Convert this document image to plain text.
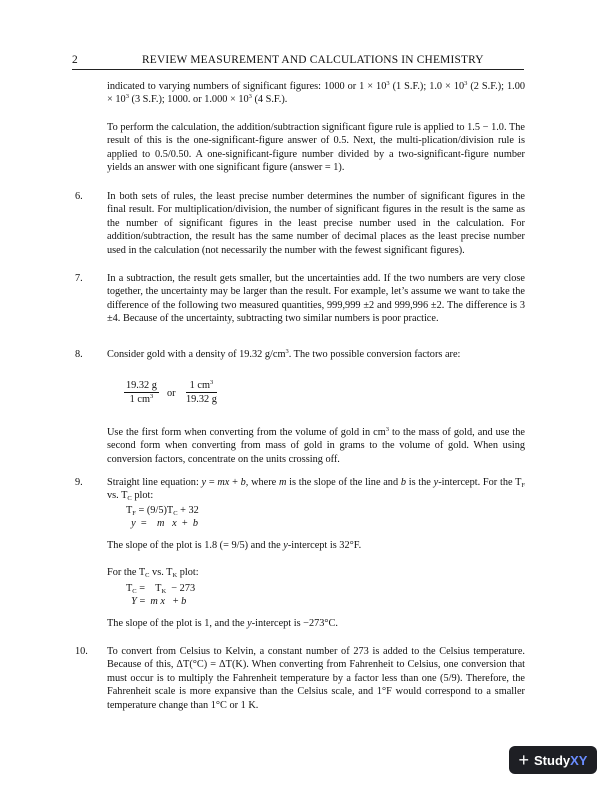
2	REVIEW MEASUREMENT AND CALCULATIONS IN CHEMISTRY

indicated to varying numbers of significant figures: 1000 or $1 \times 10^3$ (1 S.F.); $1.0 \times 10^3$ (2 S.F.); $1.00 \times 10^3$ (3 S.F.); 1000. or $1.000 \times 10^3$ (4 S.F.).

To perform the calculation, the addition/subtraction significant figure rule is applied to 1.5 − 1.0. The result of this is the one-significant-figure answer of 0.5. Next, the multi-plication/division rule is applied to 0.5/0.50. A one-significant-figure number divided by a two-significant-figure number yields an answer with one significant figure (answer = 1).

6. In both sets of rules, the least precise number determines the number of significant figures in the final result. For multiplication/division, the number of significant figures in the result is the same as the number of significant figures in the least precise number used in the calculation. For addition/subtraction, the result has the same number of decimal places as the least precise number used in the calculation (not necessarily the number with the fewest significant figures).

7. In a subtraction, the result gets smaller, but the uncertainties add. If the two numbers are very close together, the uncertainty may be larger than the result. For example, let’s assume we want to take the difference of the following two measured quantities, 999,999 ±2 and 999,996 ±2. The difference is 3 ±4. Because of the uncertainty, subtracting two similar numbers is poor practice.

8. Consider gold with a density of 19.32 $g/cm^3$. The two possible conversion factors are:

$\frac{19.32 g}{1 cm^3}$ or $\frac{1 cm^3}{19.32 g}$

Use the first form when converting from the volume of gold in $cm^3$ to the mass of gold, and use the second form when converting from mass of gold in grams to the volume of gold. When using conversion factors, concentrate on the units crossing off.

9. Straight line equation: y = mx + b, where m is the slope of the line and b is the y-intercept. For the $T_F$ vs. $T_C$ plot:

$T_F = (9/5)T_C + 32$
y  =    m x  +  b

The slope of the plot is 1.8 (= 9/5) and the y-intercept is 32°F.

For the $T_C$ vs. $T_K$ plot:

$T_C$ =    $T_K - 273$
Y =  m x   + b

The slope of the plot is 1, and the y-intercept is −273°C.

10. To convert from Celsius to Kelvin, a constant number of 273 is added to the Celsius temperature. Because of this, ΔT(°C) = ΔT(K). When converting from Fahrenheit to Celsius, one conversion that must occur is to multiply the Fahrenheit temperature by a factor less than one (5/9). Therefore, the Fahrenheit scale is more expansive than the Celsius scale, and 1°F would correspond to a smaller temperature change than 1°C or 1 K.

+ Study XY
